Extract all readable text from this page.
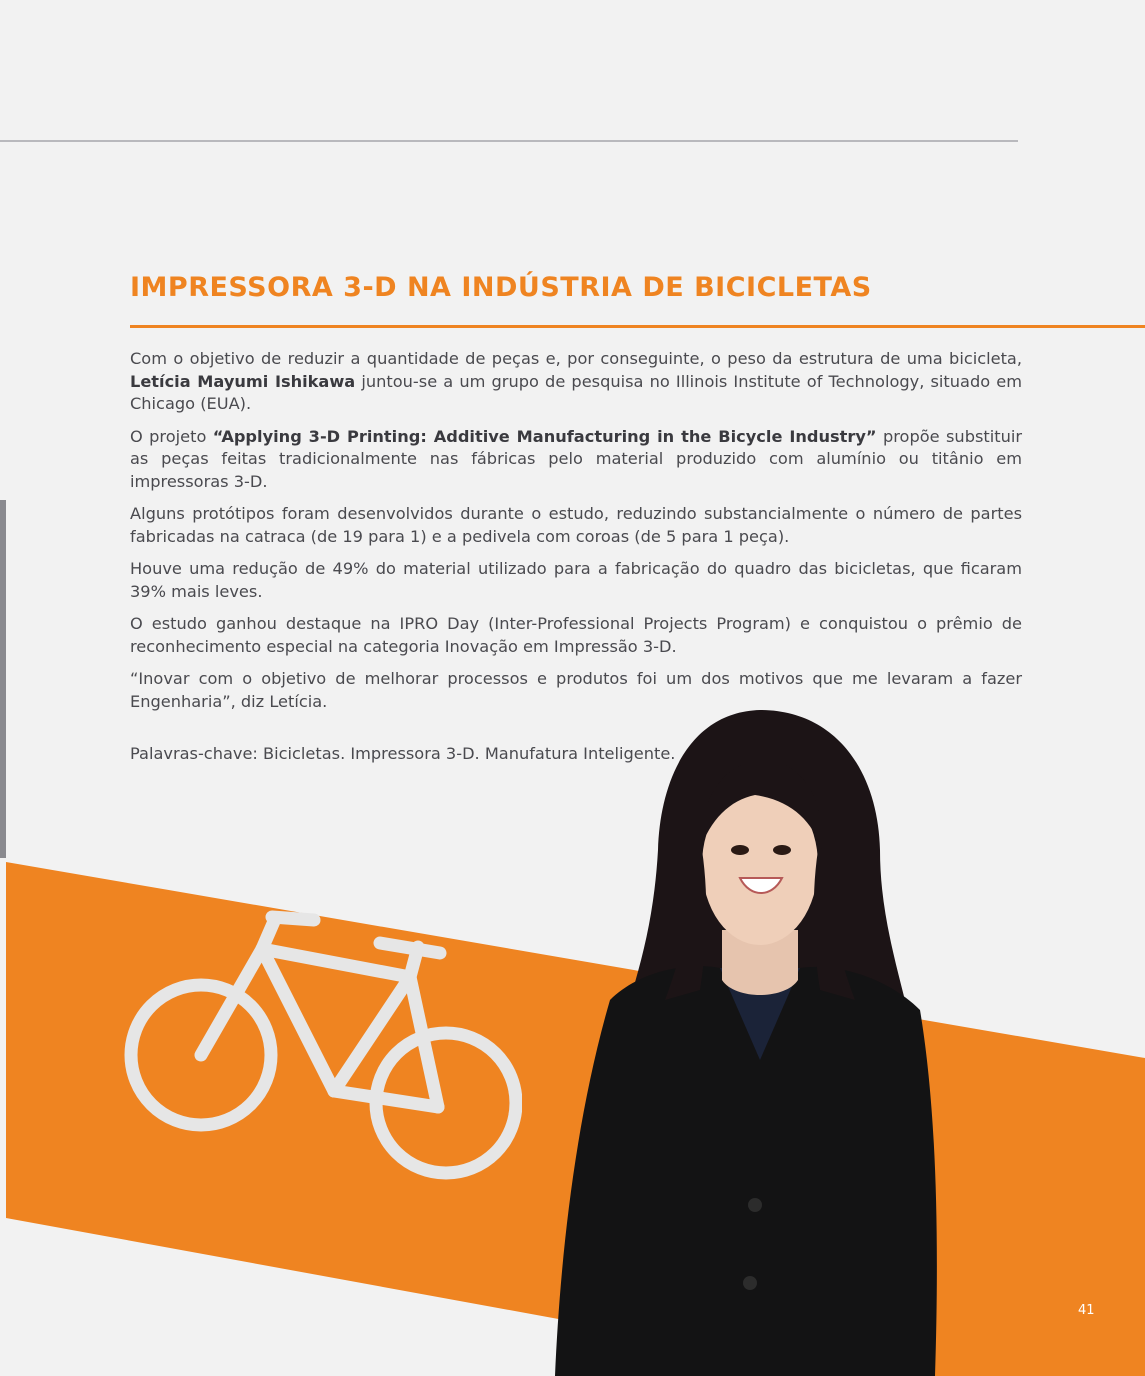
IMPRESSORA 3-D NA INDÚSTRIA DE BICICLETAS

Com o objetivo de reduzir a quantidade de peças e, por conseguinte, o peso da estrutura de uma bicicleta, Letícia Mayumi Ishikawa juntou-se a um grupo de pesquisa no Illinois Institute of Technology, situado em Chicago (EUA).

O projeto “Applying 3-D Printing: Additive Manufacturing in the Bicycle Industry” propõe substituir as peças feitas tradicionalmente nas fábricas pelo material produzido com alumínio ou titânio em impressoras 3-D.

Alguns protótipos foram desenvolvidos durante o estudo, reduzindo substancialmente o número de partes fabricadas na catraca (de 19 para 1) e a pedivela com coroas (de 5 para 1 peça).

Houve uma redução de 49% do material utilizado para a fabricação do quadro das bicicletas, que ficaram 39% mais leves.

O estudo ganhou destaque na IPRO Day (Inter-Professional Projects Program) e conquistou o prêmio de reconhecimento especial na categoria Inovação em Impressão 3-D.

“Inovar com o objetivo de melhorar processos e produtos foi um dos motivos que me levaram a fazer Engenharia”, diz Letícia.

Palavras-chave: Bicicletas. Impressora 3-D. Manufatura Inteligente.

41
